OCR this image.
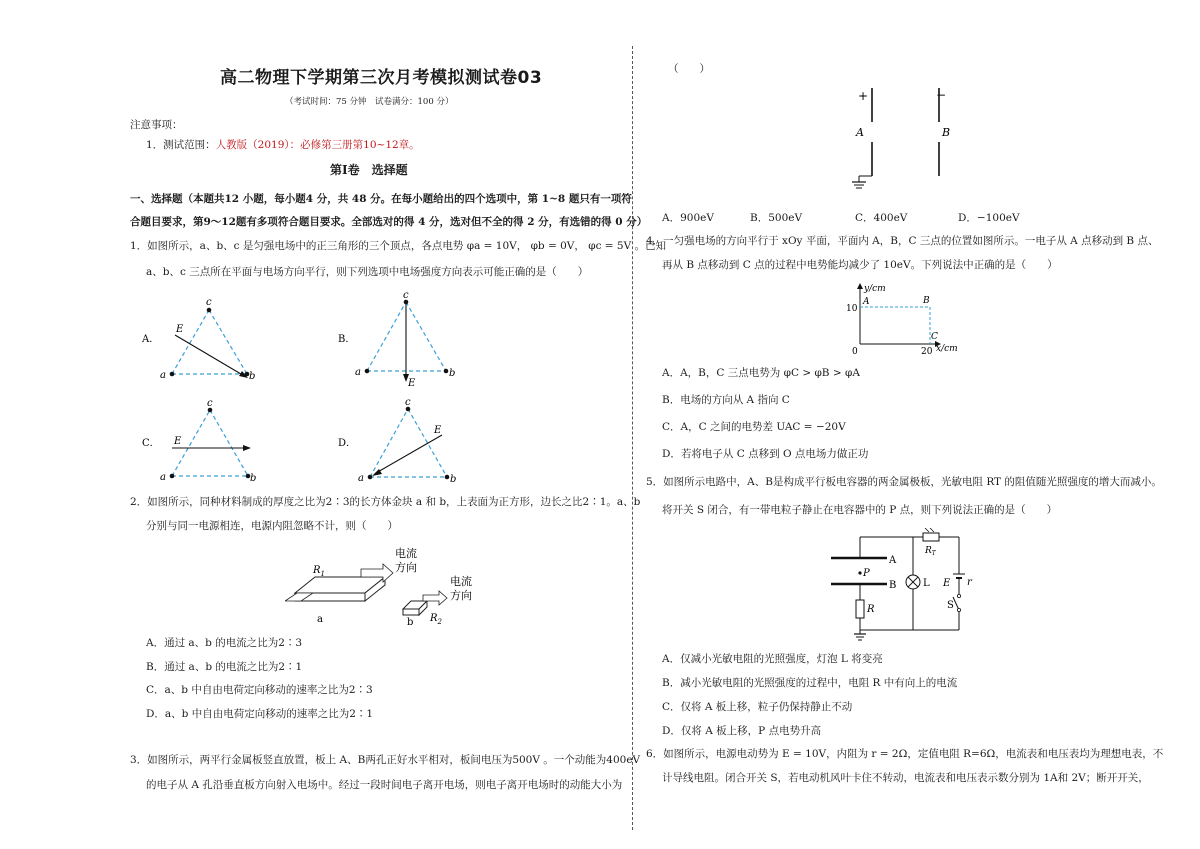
高二物理下学期第三次月考模拟测试卷03
（考试时间：75 分钟　试卷满分：100 分）
注意事项：
1．测试范围：人教版（2019）：必修第三册第10~12章。
第Ⅰ卷　选择题
一、选择题（本题共12 小题，每小题4 分，共 48 分。在每小题给出的四个选项中，第 1~8 题只有一项符
合题目要求，第9～12题有多项符合题目要求。全部选对的得 4 分，选对但不全的得 2 分，有选错的得 0 分）
1．如图所示，a、b、c 是匀强电场中的正三角形的三个顶点，各点电势 φa = 10V， φb = 0V， φc = 5V 。已知
a、b、c 三点所在平面与电场方向平行，则下列选项中电场强度方向表示可能正确的是（　　）
A．
a	b
c
E
B．
a	b
c
E
C．
a	b
c
E	D．
a	b
c
E
2．如图所示，同种材料制成的厚度之比为2∶3的长方体金块 a 和 b，上表面为正方形，边长之比2∶1。a、b
分别与同一电源相连，电源内阻忽略不计，则（　　）
a
$R_1$
电流
方向
b $R_2$
电流
方向
A．通过 a、b 的电流之比为2∶3
B．通过 a、b 的电流之比为2∶1
C．a、b 中自由电荷定向移动的速率之比为2∶3
D．a、b 中自由电荷定向移动的速率之比为2∶1
3．如图所示，两平行金属板竖直放置，板上 A、B两孔正好水平相对，板间电压为500V 。一个动能为400eV
的电子从 A 孔沿垂直板方向射入电场中。经过一段时间电子离开电场，则电子离开电场时的动能大小为
（　　）
+	−
A	B
A．900eV	B．500eV	C．400eV	D．−100eV
4．一匀强电场的方向平行于 xOy 平面，平面内 A，B，C 三点的位置如图所示。一电子从 A 点移动到 B 点、
再从 B 点移动到 C 点的过程中电势能均减少了 10eV。下列说法中正确的是（　　）
y/cm
x/cm
10
0	20
A	B
C
A．A，B，C 三点电势为 φC > φB > φA
B．电场的方向从 A 指向 C
C．A，C 之间的电势差 UAC = −20V
D．若将电子从 C 点移到 O 点电场力做正功
5．如图所示电路中，A、B是构成平行板电容器的两金属极板，光敏电阻 RT 的阻值随光照强度的增大而减小。
将开关 S 闭合，有一带电粒子静止在电容器中的 P 点，则下列说法正确的是（　　）
A
B
P
$R_T$
E r
S
L
R
A．仅减小光敏电阻的光照强度，灯泡 L 将变亮
B．减小光敏电阻的光照强度的过程中，电阻 R 中有向上的电流
C．仅将 A 板上移，粒子仍保持静止不动
D．仅将 A 板上移，P 点电势升高
6．如图所示，电源电动势为 E = 10V，内阻为 r = 2Ω，定值电阻 R=6Ω，电流表和电压表均为理想电表，不
计导线电阻。闭合开关 S，若电动机风叶卡住不转动，电流表和电压表示数分别为 1A和 2V；断开开关，
